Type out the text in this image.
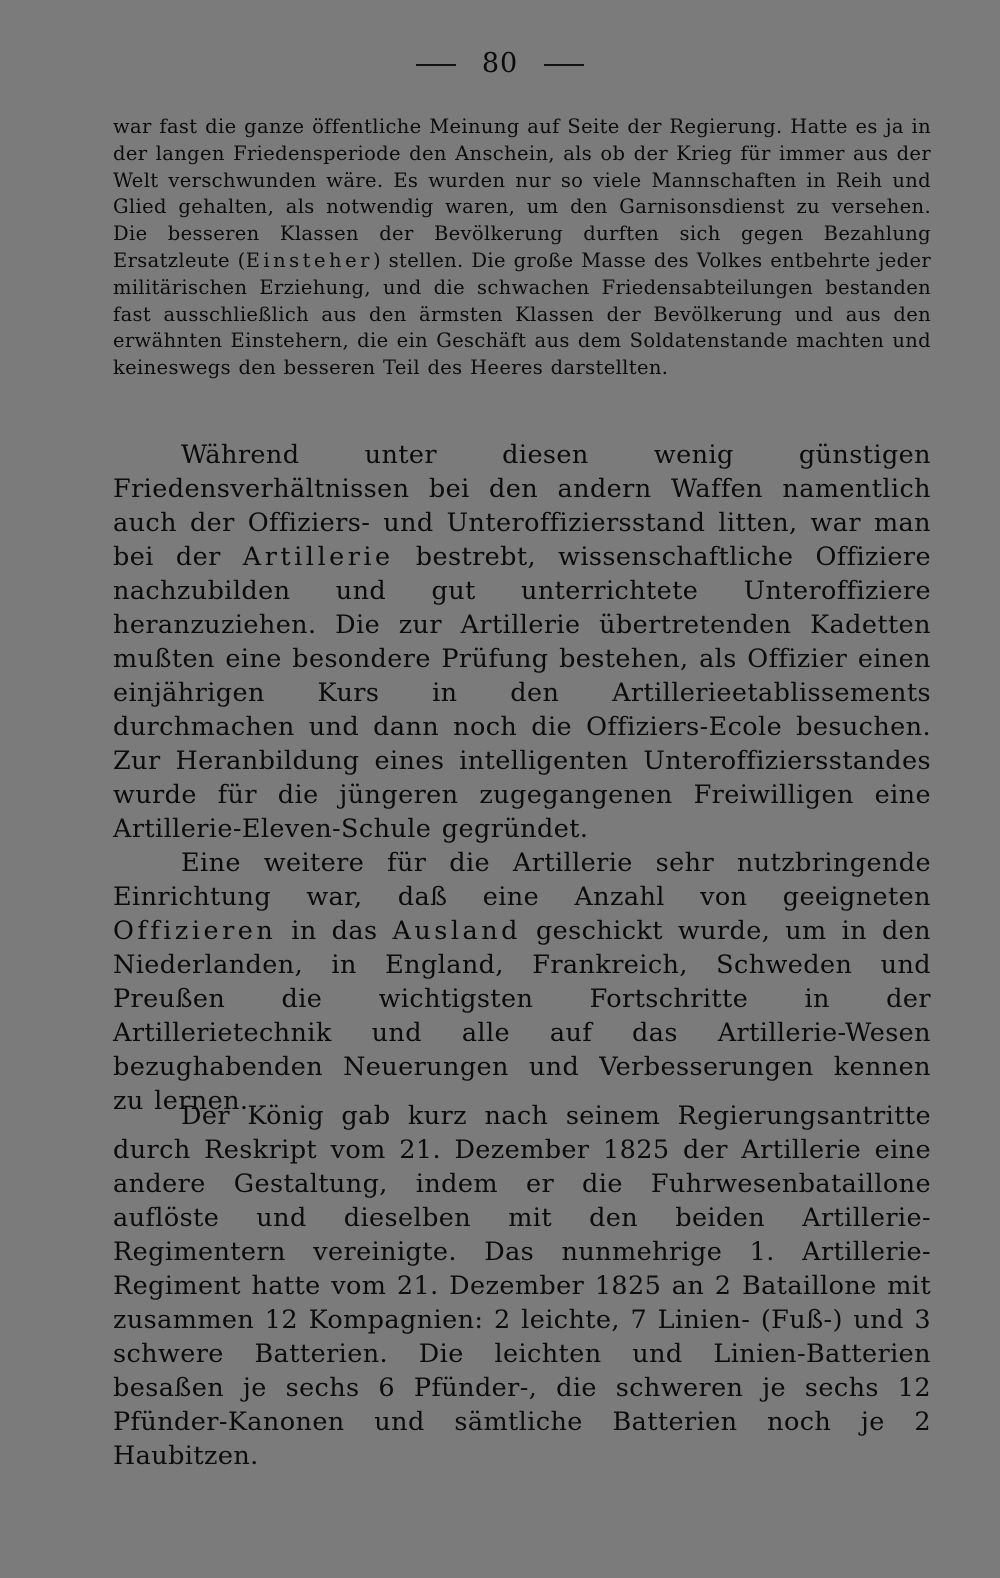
80

war fast die ganze öffentliche Meinung auf Seite der Regierung. Hatte es ja in der langen Friedensperiode den Anschein, als ob der Krieg für immer aus der Welt verschwunden wäre. Es wurden nur so viele Mannschaften in Reih und Glied gehalten, als notwendig waren, um den Garnisonsdienst zu versehen. Die besseren Klassen der Bevölkerung durften sich gegen Bezahlung Ersatzleute (Einsteher) stellen. Die große Masse des Volkes entbehrte jeder militärischen Erziehung, und die schwachen Friedensabteilungen bestanden fast ausschließlich aus den ärmsten Klassen der Bevölkerung und aus den erwähnten Einstehern, die ein Geschäft aus dem Soldatenstande machten und keineswegs den besseren Teil des Heeres darstellten.

Während unter diesen wenig günstigen Friedensverhältnissen bei den andern Waffen namentlich auch der Offiziers- und Unteroffiziersstand litten, war man bei der Artillerie bestrebt, wissenschaftliche Offiziere nachzubilden und gut unterrichtete Unteroffiziere heranzuziehen. Die zur Artillerie übertretenden Kadetten mußten eine besondere Prüfung bestehen, als Offizier einen einjährigen Kurs in den Artillerieetablissements durchmachen und dann noch die Offiziers-Ecole besuchen. Zur Heranbildung eines intelligenten Unteroffiziersstandes wurde für die jüngeren zugegangenen Freiwilligen eine Artillerie-Eleven-Schule gegründet.

Eine weitere für die Artillerie sehr nutzbringende Einrichtung war, daß eine Anzahl von geeigneten Offizieren in das Ausland geschickt wurde, um in den Niederlanden, in England, Frankreich, Schweden und Preußen die wichtigsten Fortschritte in der Artillerietechnik und alle auf das Artillerie-Wesen bezughabenden Neuerungen und Verbesserungen kennen zu lernen.

Der König gab kurz nach seinem Regierungsantritte durch Reskript vom 21. Dezember 1825 der Artillerie eine andere Gestaltung, indem er die Fuhrwesenbataillone auflöste und dieselben mit den beiden Artillerie-Regimentern vereinigte. Das nunmehrige 1. Artillerie-Regiment hatte vom 21. Dezember 1825 an 2 Bataillone mit zusammen 12 Kompagnien: 2 leichte, 7 Linien- (Fuß-) und 3 schwere Batterien. Die leichten und Linien-Batterien besaßen je sechs 6 Pfünder-, die schweren je sechs 12 Pfünder-Kanonen und sämtliche Batterien noch je 2 Haubitzen.
